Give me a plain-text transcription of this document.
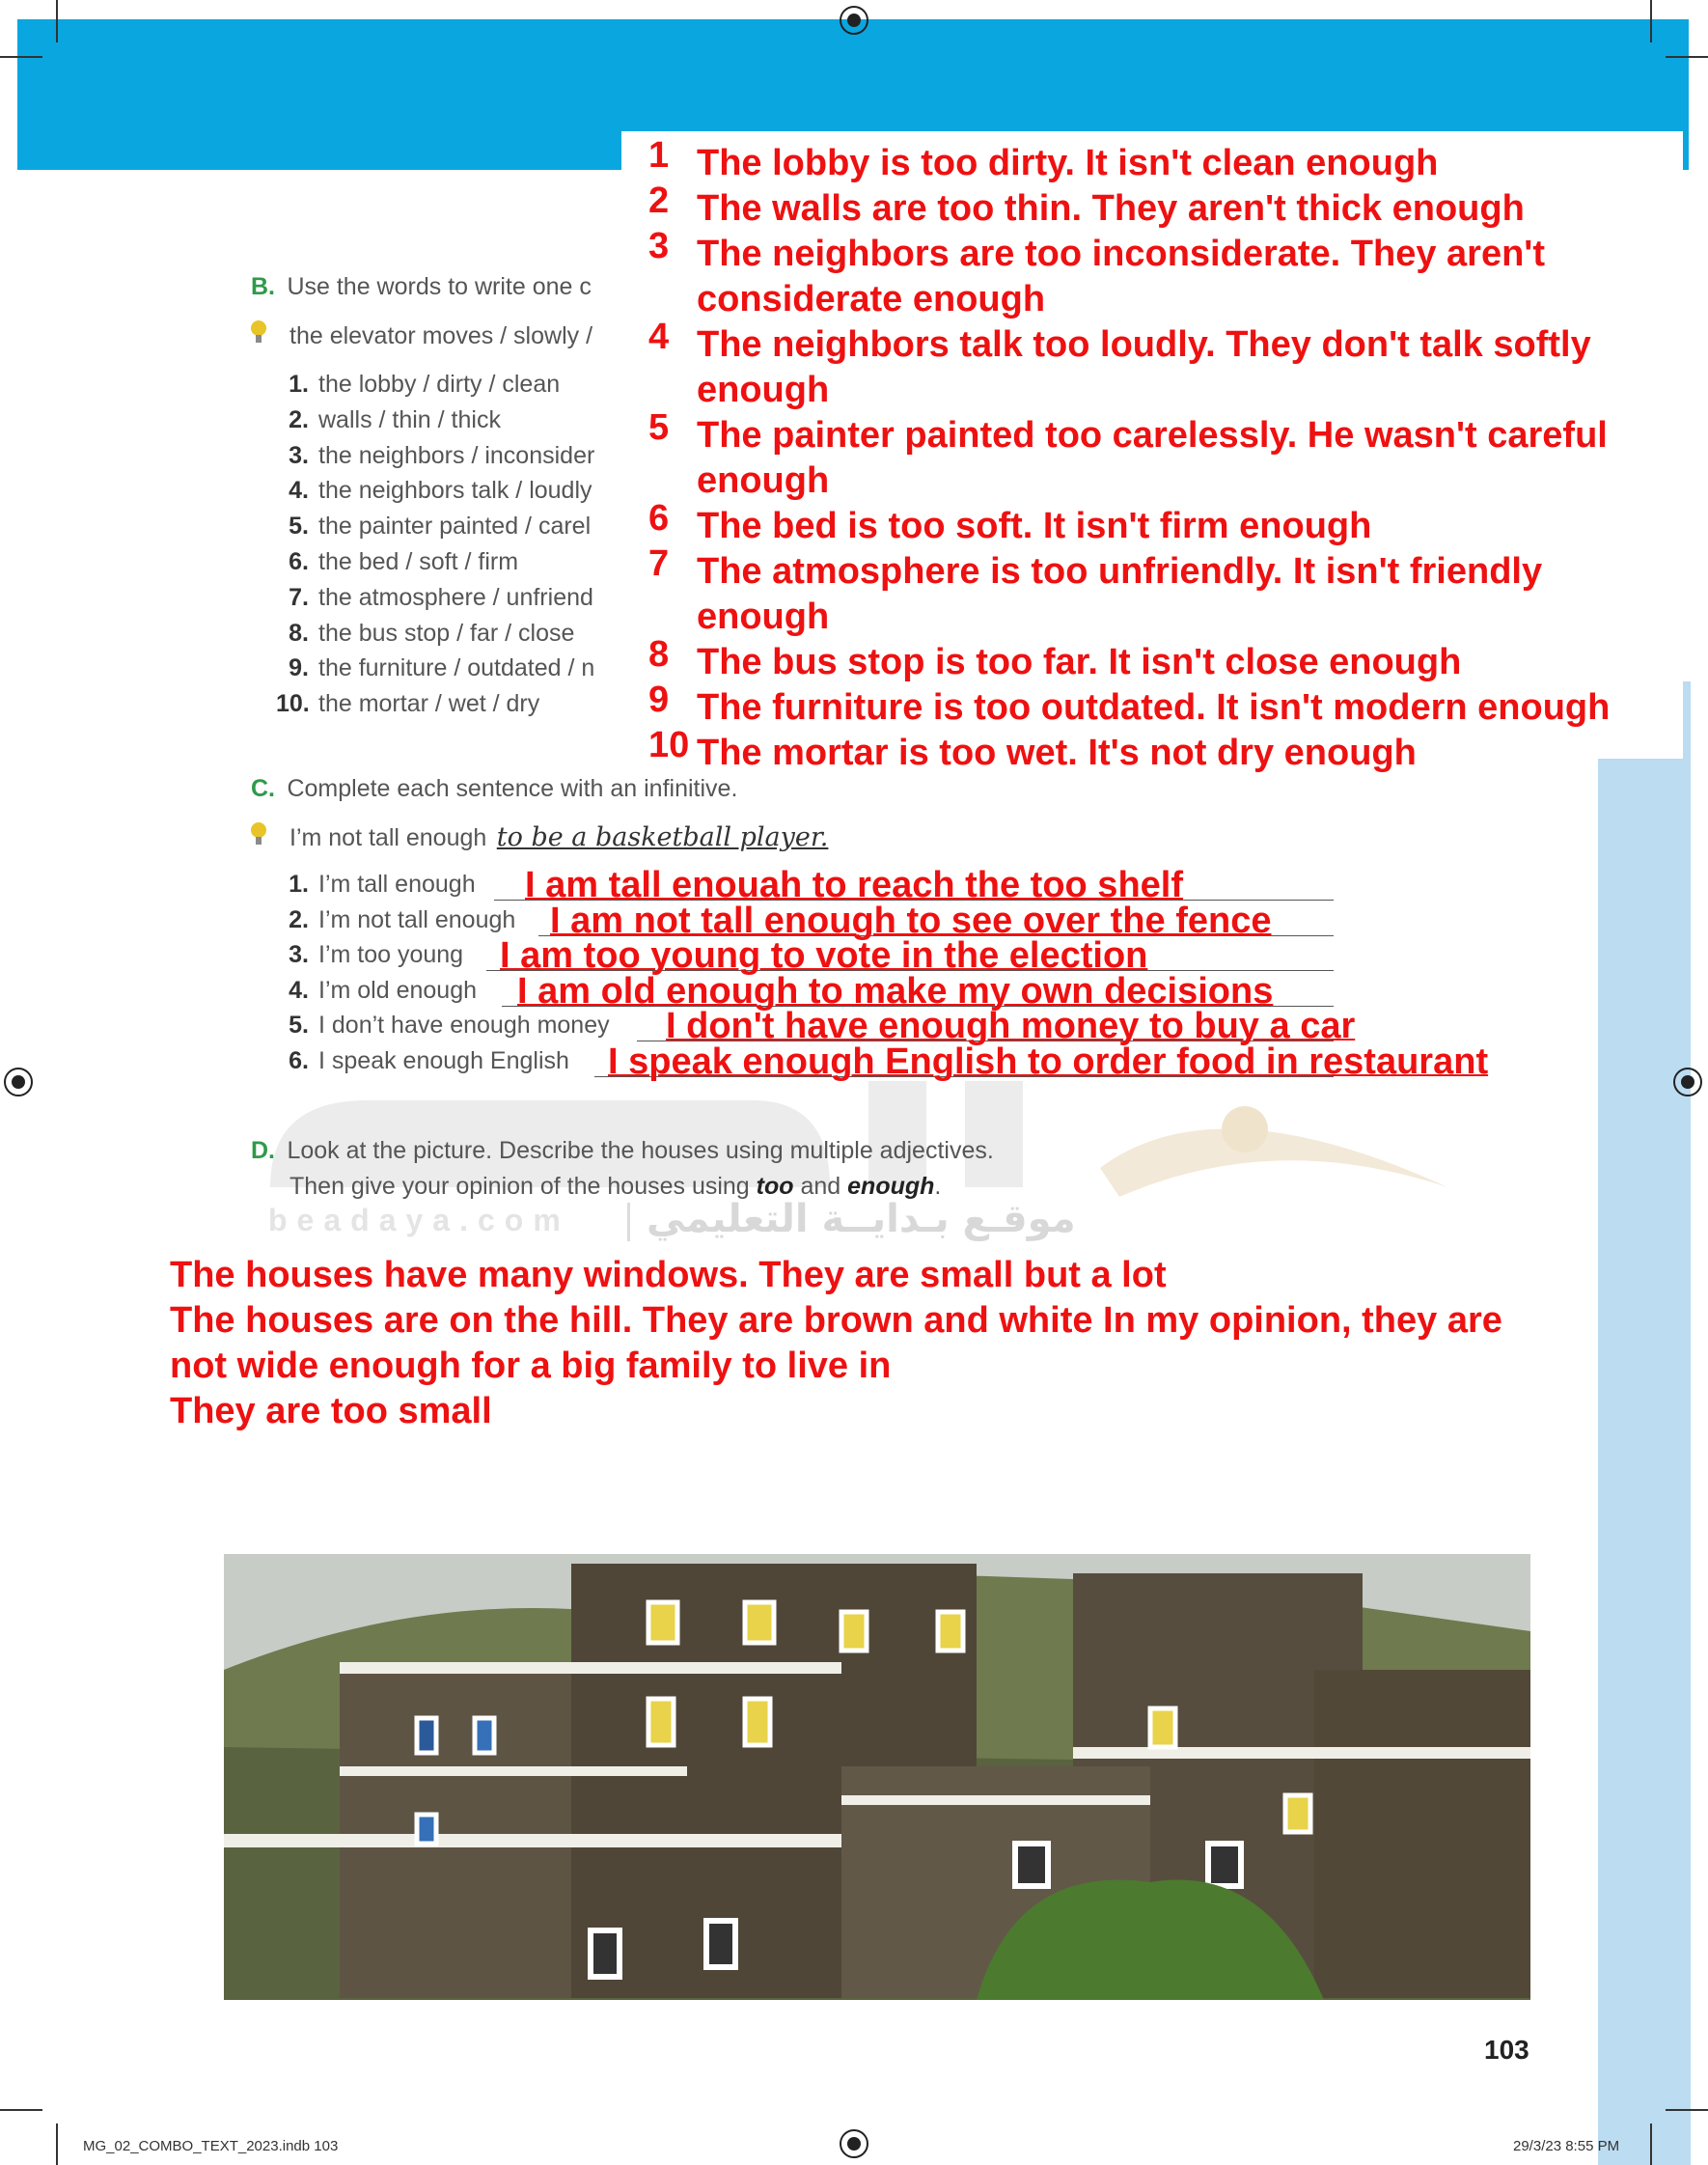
beadaya.com موقـع بـدايــة التعليمي
B. Use the words to write one c
the elevator moves / slowly /
1. the lobby / dirty / clean
2. walls / thin / thick
3. the neighbors / inconsider
4. the neighbors talk / loudly
5. the painter painted / carel
6. the bed / soft / firm
7. the atmosphere / unfriend
8. the bus stop / far / close
9. the furniture / outdated / n
10. the mortar / wet / dry
1 The lobby is too dirty. It isn't clean enough
2 The walls are too thin. They aren't thick enough
3 The neighbors are too inconsiderate. They aren't
considerate enough
4 The neighbors talk too loudly. They don't talk softly
enough
5 The painter painted too carelessly. He wasn't careful
enough
6 The bed is too soft. It isn't firm enough
7 The atmosphere is too unfriendly. It isn't friendly
enough
8 The bus stop is too far. It isn't close enough
9 The furniture is too outdated. It isn't modern enough
10 The mortar is too wet. It's not dry enough
C. Complete each sentence with an infinitive.
I’m not tall enough to be a basketball player.
1. I’m tall enough I am tall enouah to reach the too shelf
2. I’m not tall enough I am not tall enough to see over the fence
3. I’m too young I am too young to vote in the election
4. I’m old enough I am old enough to make my own decisions
5. I don’t have enough money I don't have enough money to buy a car
6. I speak enough English I speak enough English to order food in restaurant
D. Look at the picture. Describe the houses using multiple adjectives.
Then give your opinion of the houses using too and enough.
The houses have many windows. They are small but a lot
The houses are on the hill. They are brown and white In my opinion, they are
not wide enough for a big family to live in
They are too small
103
MG_02_COMBO_TEXT_2023.indb 103	29/3/23 8:55 PM
